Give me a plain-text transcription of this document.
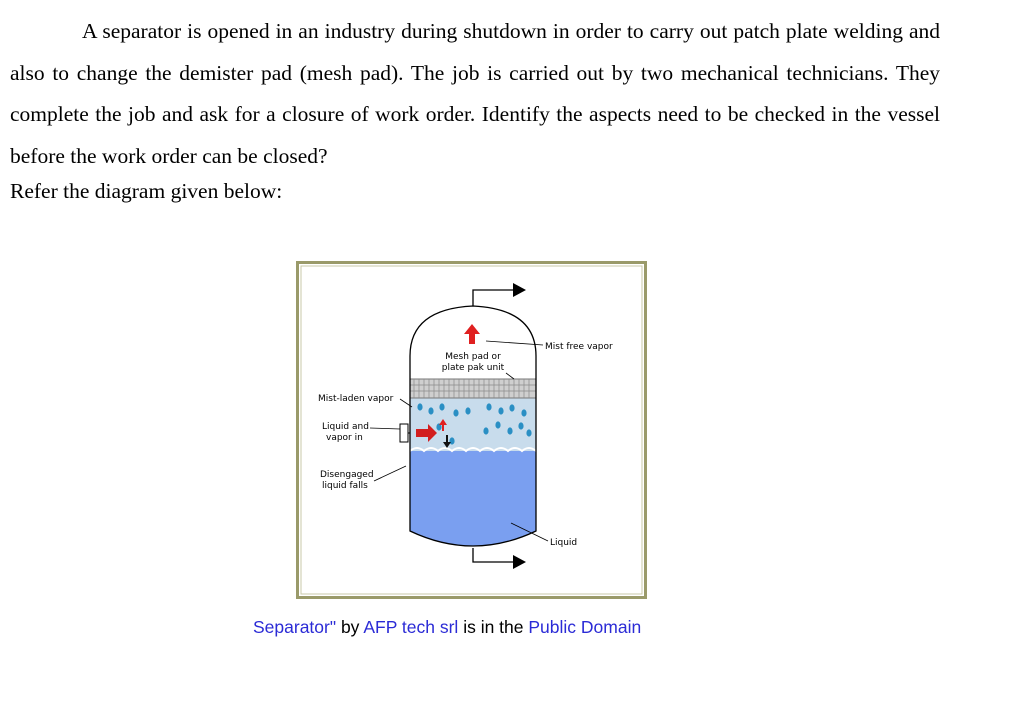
A separator is opened in an industry during shutdown in order to carry out patch plate welding and also to change the demister pad (mesh pad). The job is carried out by two mechanical technicians. They complete the job and ask for a closure of work order. Identify the aspects need to be checked in the vessel before the work order can be closed?

Refer the diagram given below:

Mist free vapor
Mesh pad or
plate pak unit
Mist-laden vapor
Liquid and
vapor in
Disengaged
liquid falls
Liquid
Separator" by AFP tech srl is in the Public Domain
